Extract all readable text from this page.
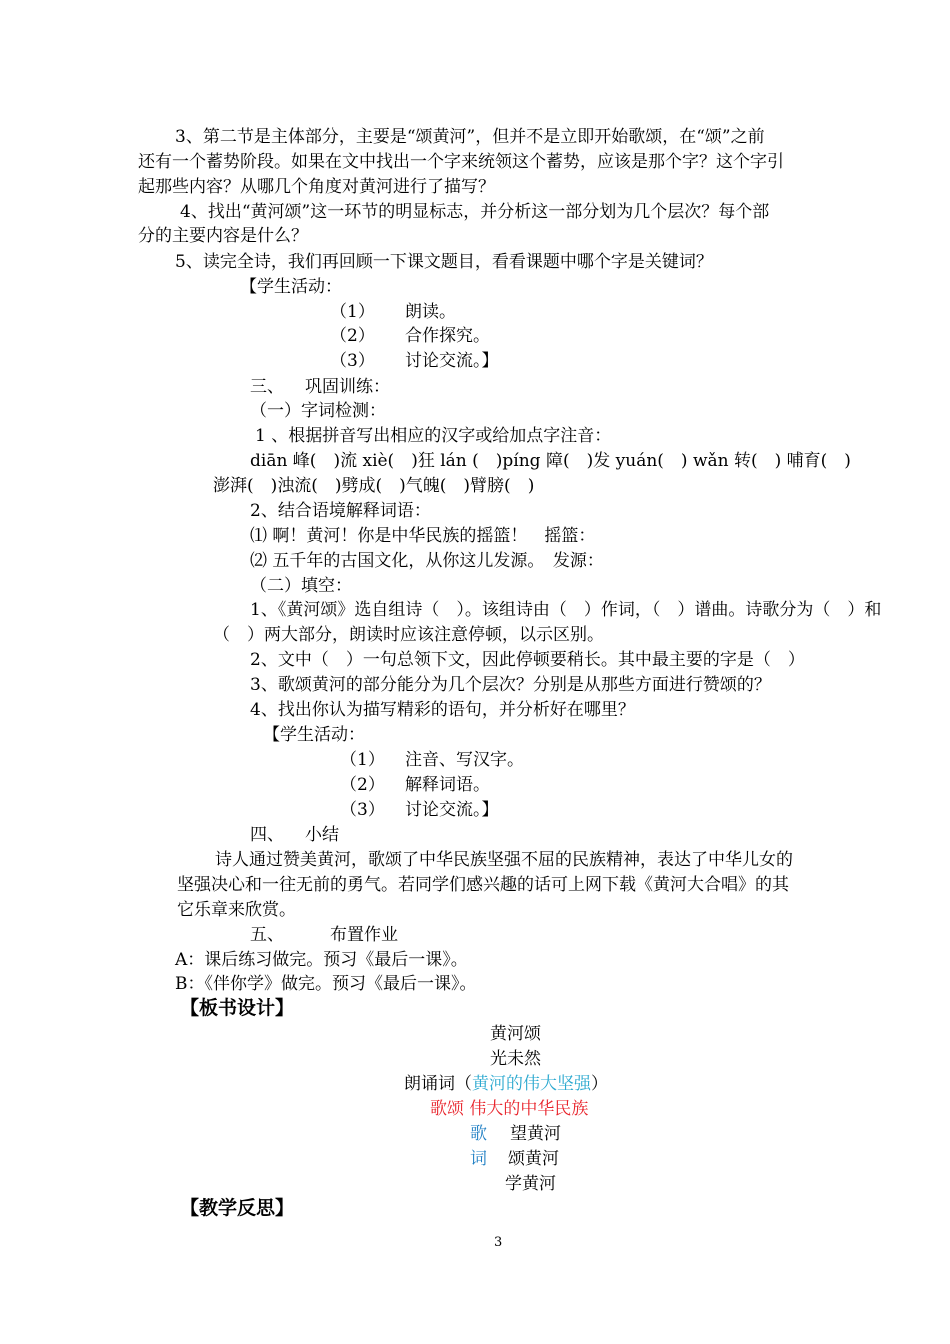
3、第二节是主体部分，主要是“颂黄河”，但并不是立即开始歌颂，在“颂”之前
还有一个蓄势阶段。如果在文中找出一个字来统领这个蓄势，应该是那个字？这个字引
起那些内容？从哪几个角度对黄河进行了描写？
4、找出“黄河颂”这一环节的明显标志，并分析这一部分划为几个层次？每个部
分的主要内容是什么？
5、读完全诗，我们再回顾一下课文题目，看看课题中哪个字是关键词？
【学生活动：
（1） 朗读。
（2） 合作探究。
（3） 讨论交流。】
三、 巩固训练：
（一）字词检测：
1 、根据拼音写出相应的汉字或给加点字注音：
diān 峰(　)流 xiè(　)狂 lán (　)píng 障(　)发 yuán(　) wǎn 转(　) 哺育(　)
澎湃(　)浊流(　)劈成(　)气魄(　)臂膀(　)
2、结合语境解释词语：
⑴ 啊！黄河！你是中华民族的摇篮！　摇篮：
⑵ 五千年的古国文化，从你这儿发源。　发源：
（二）填空：
1、《黄河颂》选自组诗（　）。该组诗由（　）作词，（　）谱曲。诗歌分为（　）和
（　）两大部分，朗读时应该注意停顿，以示区别。
2、文中（　）一句总领下文，因此停顿要稍长。其中最主要的字是（　）
3、歌颂黄河的部分能分为几个层次？分别是从那些方面进行赞颂的？
4、找出你认为描写精彩的语句，并分析好在哪里？
【学生活动：
（1） 注音、写汉字。
（2） 解释词语。
（3） 讨论交流。】
四、 小结
诗人通过赞美黄河，歌颂了中华民族坚强不屈的民族精神，表达了中华儿女的
坚强决心和一往无前的勇气。若同学们感兴趣的话可上网下载《黄河大合唱》的其
它乐章来欣赏。
五、	布置作业
A：课后练习做完。预习《最后一课》。
B：《伴你学》做完。预习《最后一课》。
【板书设计】
黄河颂
光未然
朗诵词（黄河的伟大坚强）
歌颂 伟大的中华民族
歌 望黄河
词 颂黄河
学黄河
【教学反思】
3
